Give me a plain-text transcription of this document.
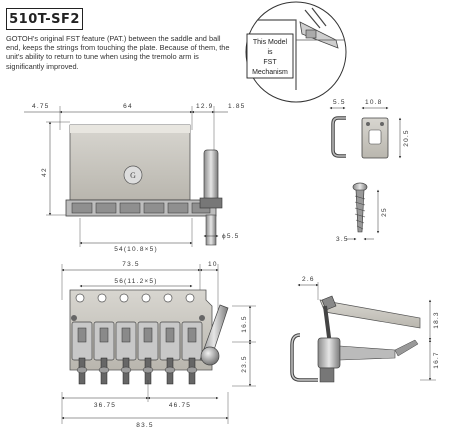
510T-SF2
GOTOH's original FST feature (PAT.) between the saddle and ball end, keeps the strings from touching the plate. Because of them, the unit's ability to return to tune when using the tremolo arm is significantly improved.
This Model
is
FST
Mechanism
4.75	64	12.9 1.85
42	G
54(10.8×5)
ϕ5.5
5.5	10.8
20.5
25
3.5
73.5	10
56(11.2×5)
16.5
23.5
36.75	46.75
83.5
2.6
18.3
16.7
